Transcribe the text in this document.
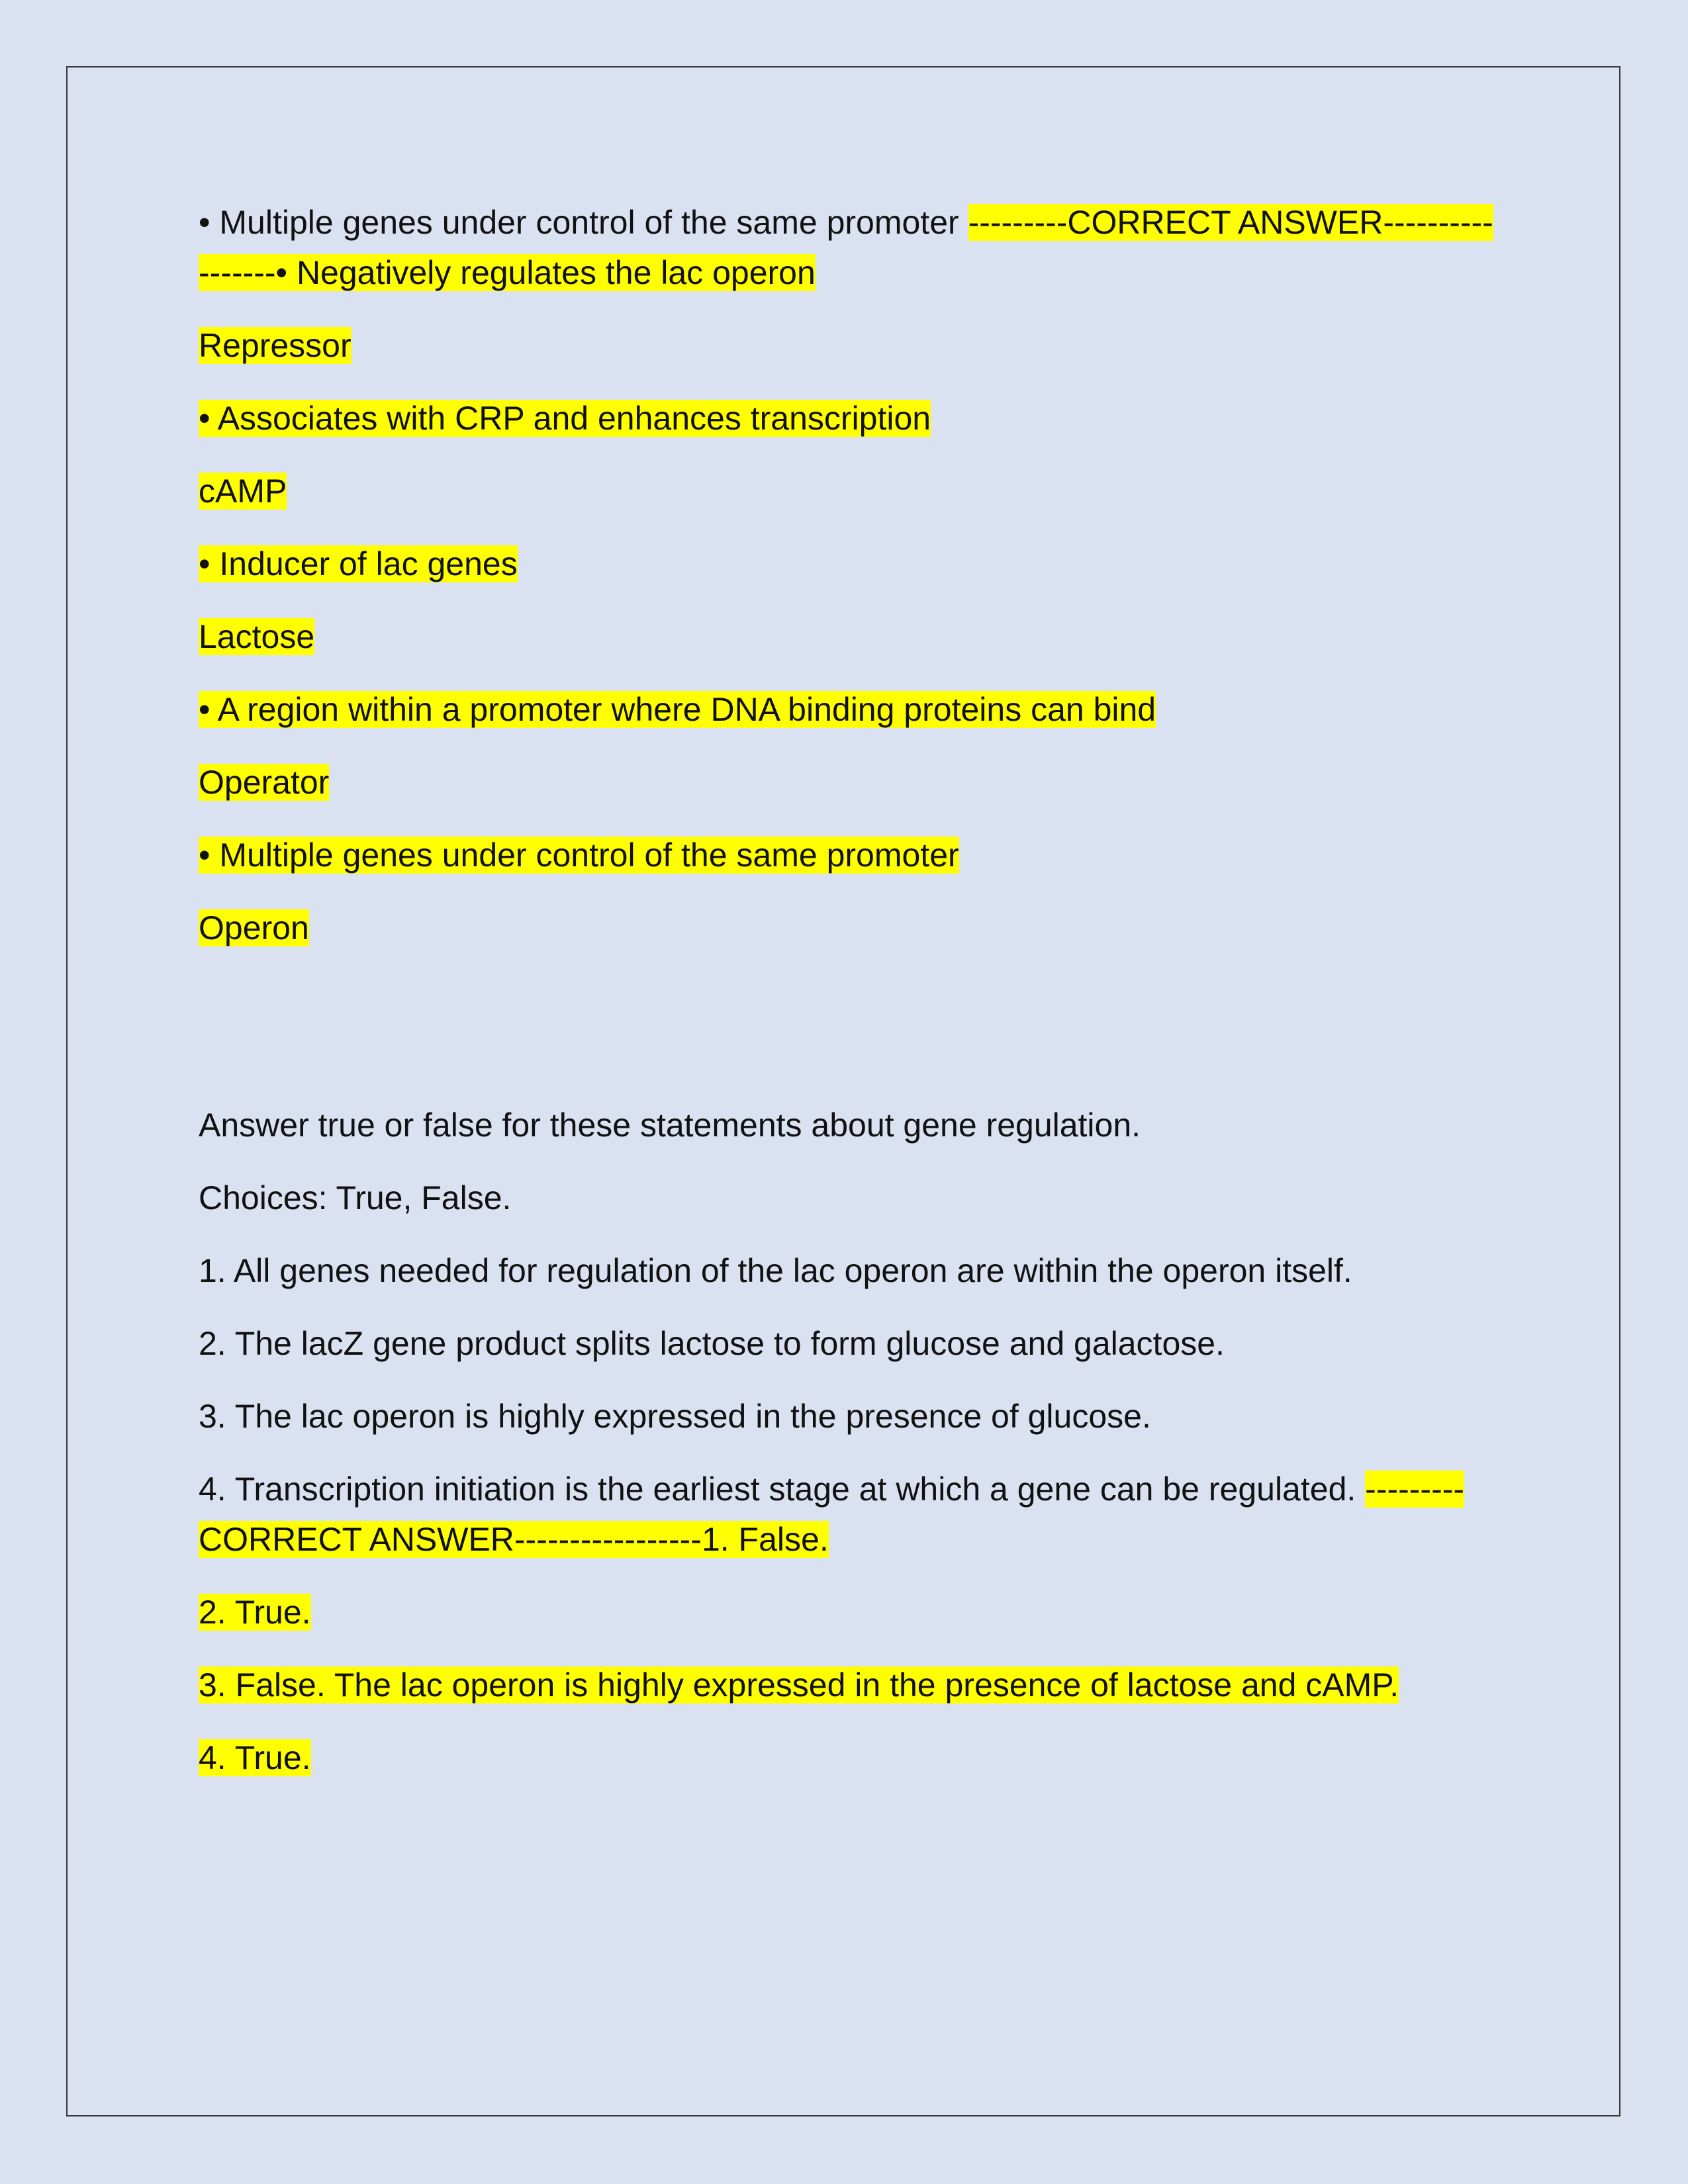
• Multiple genes under control of the same promoter ---------CORRECT ANSWER-----------------• Negatively regulates the lac operon

Repressor

• Associates with CRP and enhances transcription

cAMP

• Inducer of lac genes

Lactose

• A region within a promoter where DNA binding proteins can bind

Operator

• Multiple genes under control of the same promoter

Operon

Answer true or false for these statements about gene regulation.

Choices: True, False.

1. All genes needed for regulation of the lac operon are within the operon itself.

2. The lacZ gene product splits lactose to form glucose and galactose.

3. The lac operon is highly expressed in the presence of glucose.

4. Transcription initiation is the earliest stage at which a gene can be regulated. ---------CORRECT ANSWER-----------------1. False.

2. True.

3. False. The lac operon is highly expressed in the presence of lactose and cAMP.

4. True.
